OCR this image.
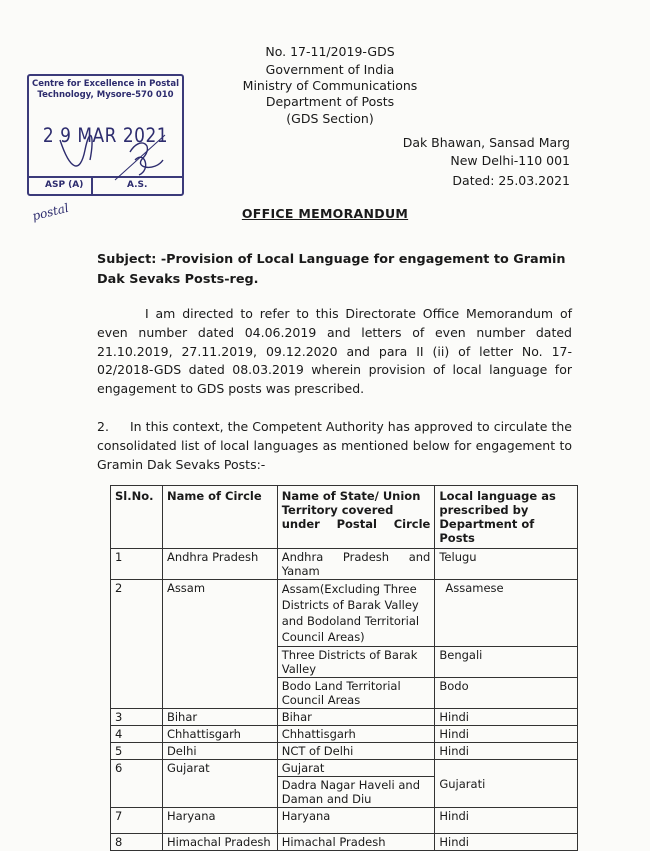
No. 17-11/2019-GDS
Government of India
Ministry of Communications
Department of Posts
(GDS Section)
Dak Bhawan, Sansad Marg
New Delhi-110 001
Dated: 25.03.2021
Centre for Excellence in Postal Technology, Mysore-570 010
2 9 MAR 2021
ASP (A)	A.S.
postal	OFFICE MEMORANDUM
Subject: -Provision of Local Language for engagement to Gramin Dak Sevaks Posts-reg.
I am directed to refer to this Directorate Office Memorandum of even number dated 04.06.2019 and letters of even number dated 21.10.2019, 27.11.2019, 09.12.2020 and para II (ii) of letter No. 17-02/2018-GDS dated 08.03.2019 wherein provision of local language for engagement to GDS posts was prescribed.
2. In this context, the Competent Authority has approved to circulate the consolidated list of local languages as mentioned below for engagement to Gramin Dak Sevaks Posts:-
Sl.No.	Name of Circle	Name of State/ Union Territory covered under Postal Circle	Local language as prescribed by Department of Posts
1	Andhra Pradesh	Andhra Pradesh and Yanam	Telugu
2	Assam	Assam(Excluding Three Districts of Barak Valley and Bodoland Territorial Council Areas)	Assamese
		Three Districts of Barak Valley	Bengali
		Bodo Land Territorial Council Areas	Bodo
3	Bihar	Bihar	Hindi
4	Chhattisgarh	Chhattisgarh	Hindi
5	Delhi	NCT of Delhi	Hindi
6	Gujarat	Gujarat	Gujarati
		Dadra Nagar Haveli and Daman and Diu	
7	Haryana	Haryana	Hindi
8	Himachal Pradesh	Himachal Pradesh	Hindi
